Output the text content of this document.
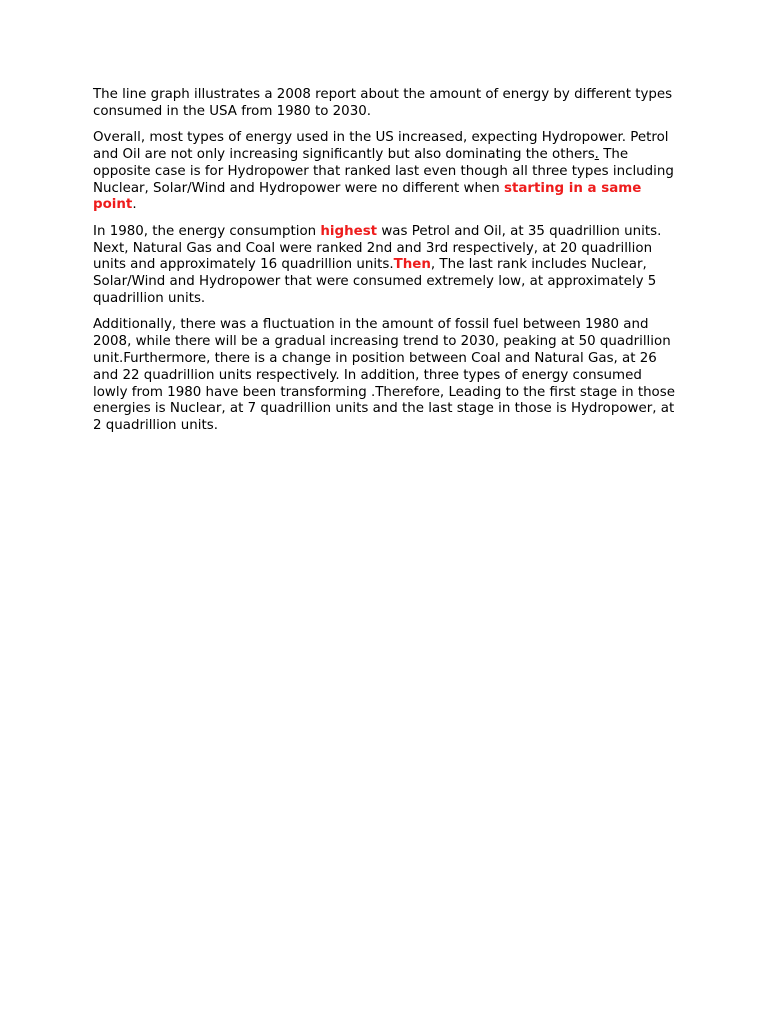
The line graph illustrates a 2008 report about the amount of energy by different types consumed in the USA from 1980 to 2030.

Overall, most types of energy used in the US increased, expecting Hydropower. Petrol and Oil are not only increasing significantly but also dominating the others. The opposite case is for Hydropower that ranked last even though all three types including Nuclear, Solar/Wind and Hydropower were no different when starting in a same point.

In 1980, the energy consumption highest was Petrol and Oil, at 35 quadrillion units. Next, Natural Gas and Coal were ranked 2nd and 3rd respectively, at 20 quadrillion units and approximately 16 quadrillion units.Then, The last rank includes Nuclear, Solar/Wind and Hydropower that were consumed extremely low, at approximately 5 quadrillion units.

Additionally, there was a fluctuation in the amount of fossil fuel between 1980 and 2008, while there will be a gradual increasing trend to 2030, peaking at 50 quadrillion unit.Furthermore, there is a change in position between Coal and Natural Gas, at 26 and 22 quadrillion units respectively. In addition, three types of energy consumed lowly from 1980 have been transforming .Therefore, Leading to the first stage in those energies is Nuclear, at 7 quadrillion units and the last stage in those is Hydropower, at 2 quadrillion units.
